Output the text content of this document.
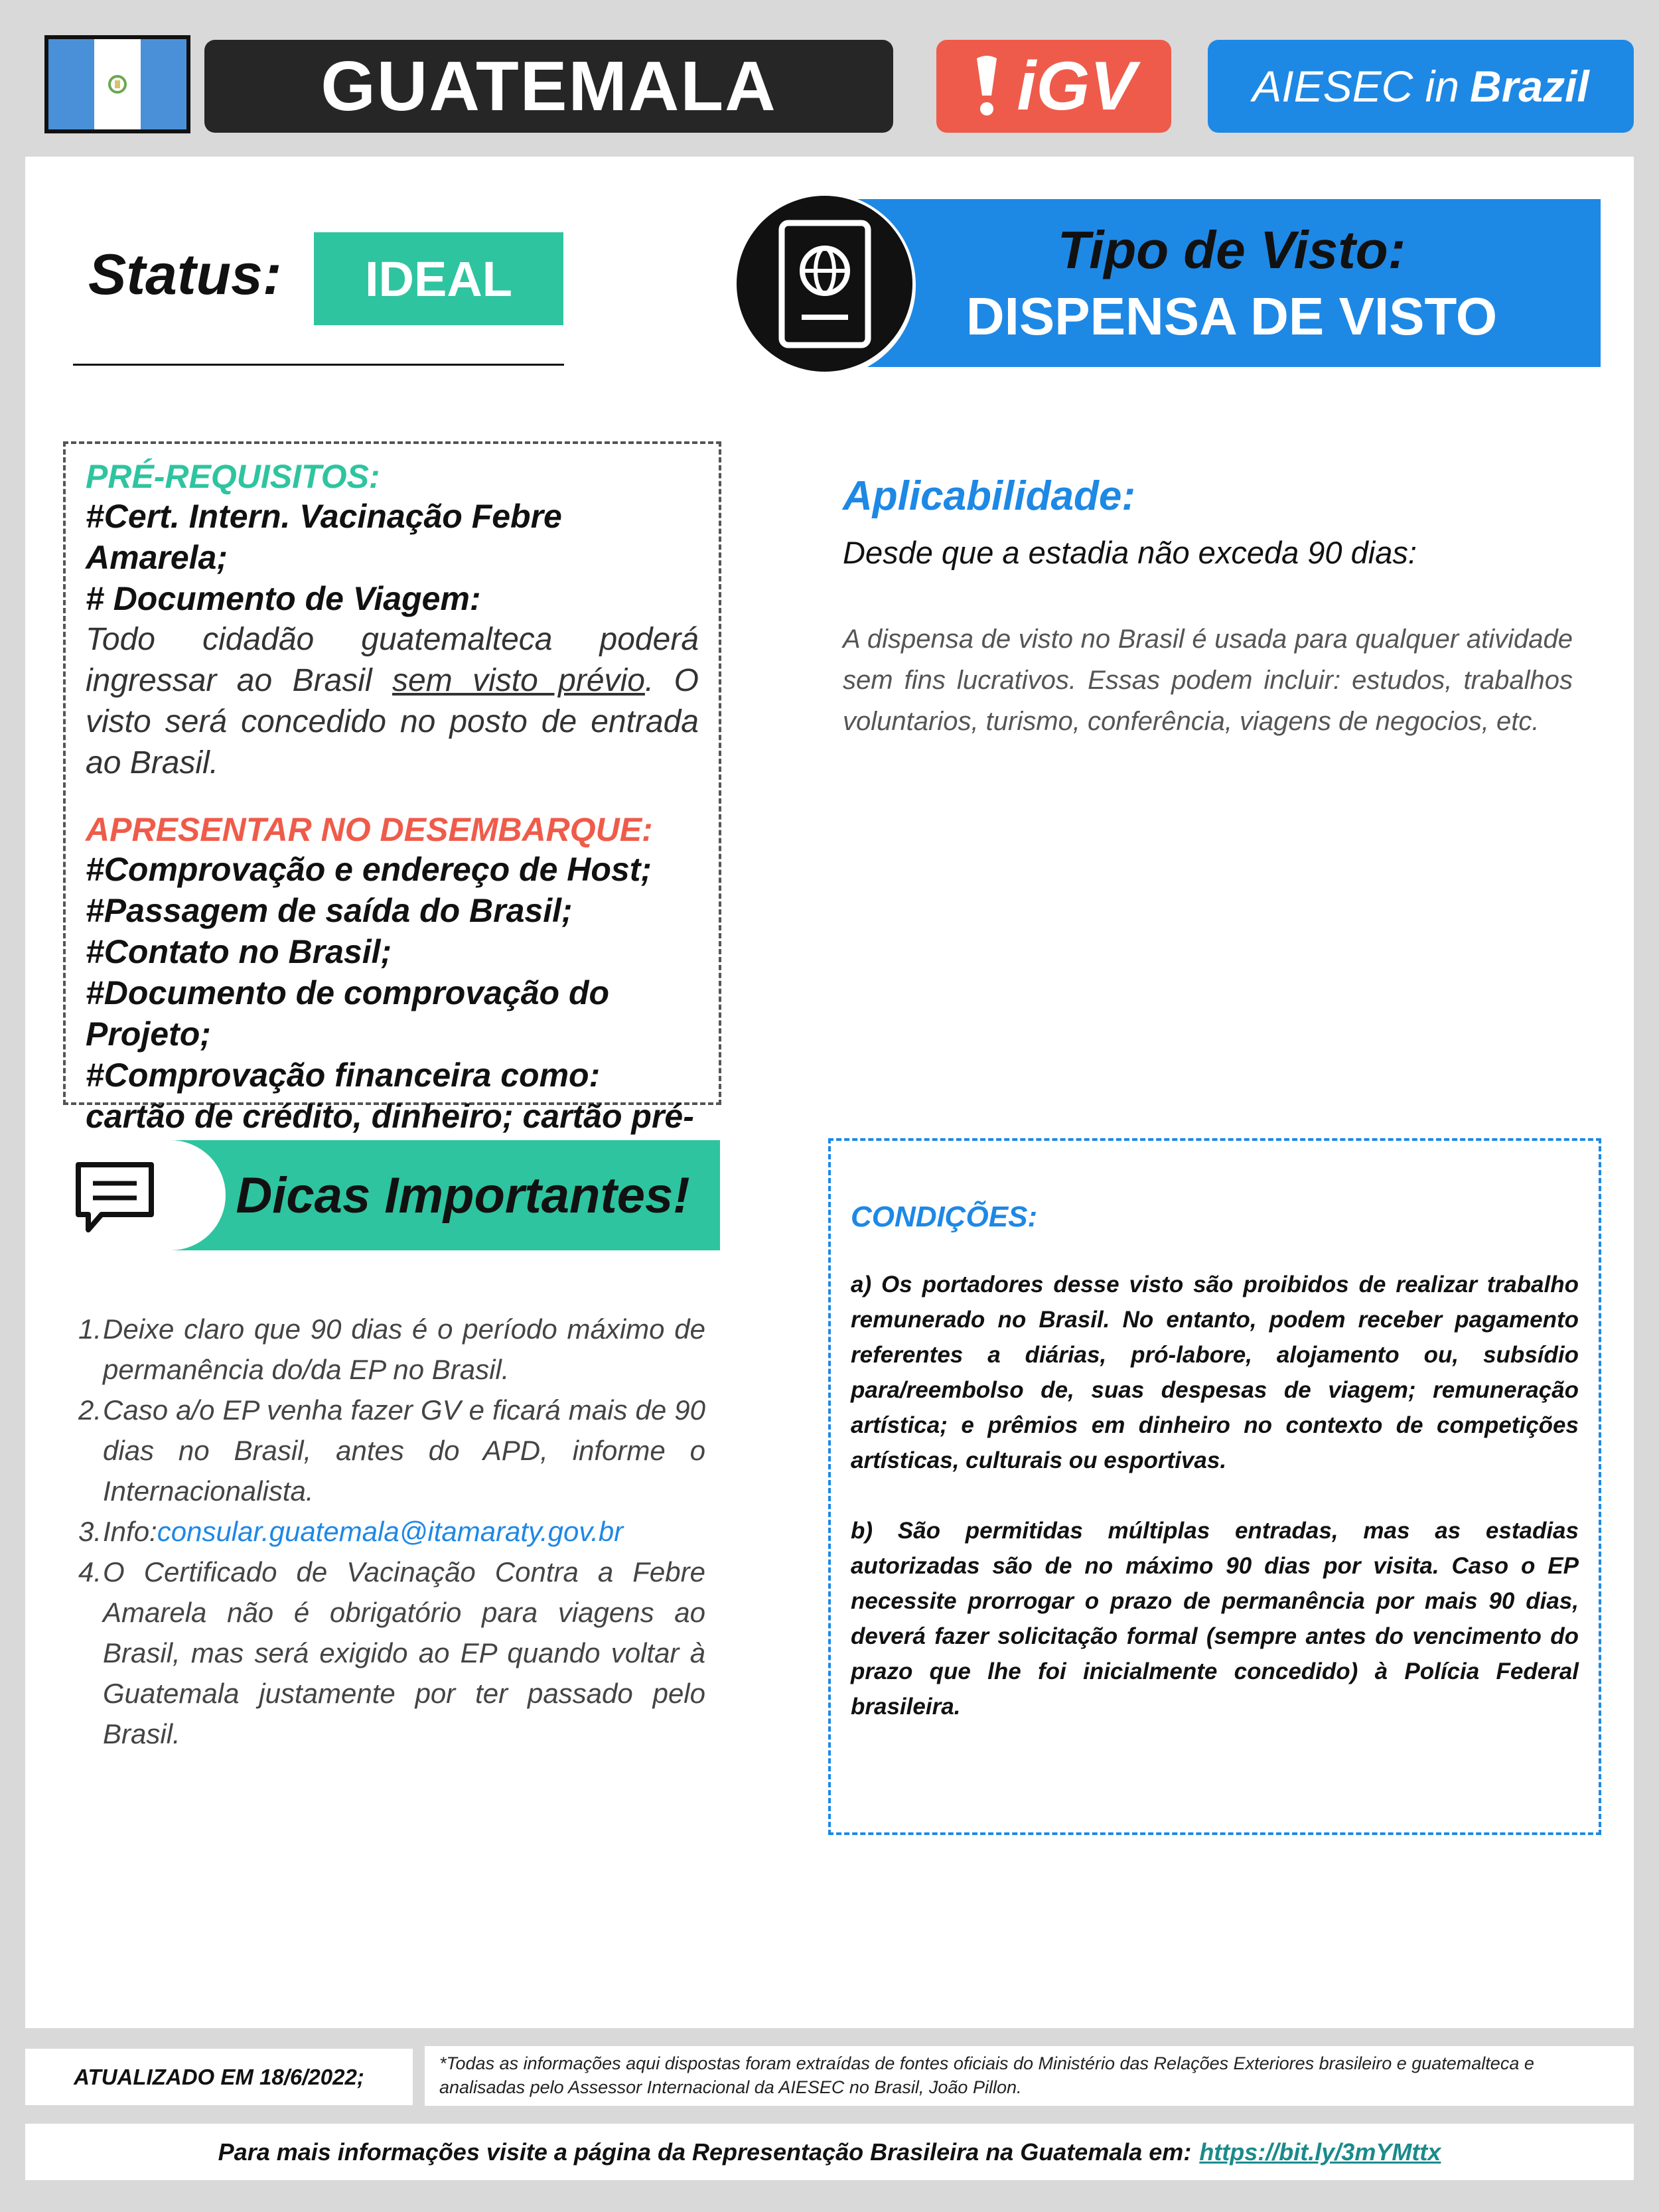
GUATEMALA	iGV	AIESEC in Brazil
Status:	IDEAL	Tipo de Visto:
DISPENSA DE VISTO
PRÉ-REQUISITOS:
#Cert. Intern. Vacinação Febre Amarela;
# Documento de Viagem:
Todo cidadão guatemalteca poderá ingressar ao Brasil sem visto prévio. O visto será concedido no posto de entrada ao Brasil.
APRESENTAR NO DESEMBARQUE:
#Comprovação e endereço de Host;
#Passagem de saída do Brasil;
#Contato no Brasil;
#Documento de comprovação do Projeto;
#Comprovação financeira como: cartão de crédito, dinheiro; cartão pré-
Aplicabilidade:
Desde que a estadia não exceda 90 dias:
A dispensa de visto no Brasil é usada para qualquer atividade sem fins lucrativos. Essas podem incluir: estudos, trabalhos voluntarios, turismo, conferência, viagens de negocios, etc.
Dicas Importantes!
1. Deixe claro que 90 dias é o período máximo de permanência do/da EP no Brasil.
2. Caso a/o EP venha fazer GV e ficará mais de 90 dias no Brasil, antes do APD, informe o Internacionalista.
3. Info: consular.guatemala@itamaraty.gov.br
4. O Certificado de Vacinação Contra a Febre Amarela não é obrigatório para viagens ao Brasil, mas será exigido ao EP quando voltar à Guatemala justamente por ter passado pelo Brasil.
CONDIÇÕES:

a) Os portadores desse visto são proibidos de realizar trabalho remunerado no Brasil. No entanto, podem receber pagamento referentes a diárias, pró-labore, alojamento ou, subsídio para/reembolso de, suas despesas de viagem; remuneração artística; e prêmios em dinheiro no contexto de competições artísticas, culturais ou esportivas.

b) São permitidas múltiplas entradas, mas as estadias autorizadas são de no máximo 90 dias por visita. Caso o EP necessite prorrogar o prazo de permanência por mais 90 dias, deverá fazer solicitação formal (sempre antes do vencimento do prazo que lhe foi inicialmente concedido) à Polícia Federal brasileira.

ATUALIZADO EM 18/6/2022;
*Todas as informações aqui dispostas foram extraídas de fontes oficiais do Ministério das Relações Exteriores brasileiro e guatemalteca e analisadas pelo Assessor Internacional da AIESEC no Brasil, João Pillon.
Para mais informações visite a página da Representação Brasileira na Guatemala em: https://bit.ly/3mYMttx
